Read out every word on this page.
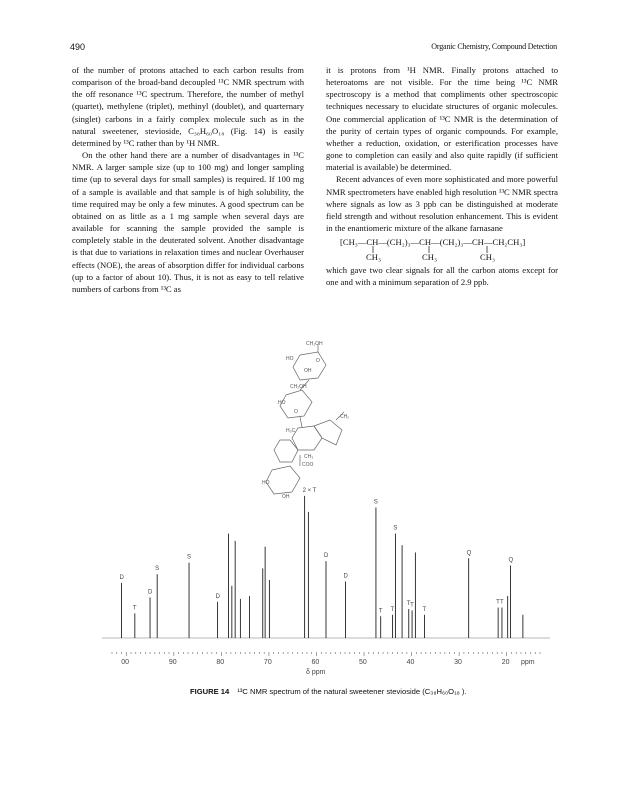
490	Organic Chemistry, Compound Detection

of the number of protons attached to each carbon results from comparison of the broad-band decoupled ¹³C NMR spectrum with the off resonance ¹³C spectrum. Therefore, the number of methyl (quartet), methylene (triplet), methinyl (doublet), and quarternary (singlet) carbons in a fairly complex molecule such as in the natural sweetener, stevioside, C₃₈H₆₀O₁₈ (Fig. 14) is easily determined by ¹³C rather than by ¹H NMR.

On the other hand there are a number of disadvantages in ¹³C NMR. A larger sample size (up to 100 mg) and longer sampling time (up to several days for small samples) is required. If 100 mg of a sample is available and that sample is of high solubility, the time required may be only a few minutes. A good spectrum can be obtained on as little as a 1 mg sample when several days are available for scanning the sample provided the sample is completely stable in the deuterated solvent. Another disadvantage is that due to variations in relaxation times and nuclear Overhauser effects (NOE), the areas of absorption differ for individual carbons (up to a factor of about 10). Thus, it is not as easy to tell relative numbers of carbons from ¹³C as

it is protons from ¹H NMR. Finally protons attached to heteroatoms are not visible. For the time being ¹³C NMR spectroscopy is a method that compliments other spectroscopic techniques necessary to elucidate structures of organic molecules. One commercial application of ¹³C NMR is the determination of the purity of certain types of organic compounds. For example, whether a reduction, oxidation, or esterification processes have gone to completion can easily and also quite rapidly (if sufficient material is available) be determined.

Recent advances of even more sophisticated and more powerful NMR spectrometers have enabled high resolution ¹³C NMR spectra where signals as low as 3 ppb can be distinguished at moderate field strength and without resolution enhancement. This is evident in the enantiomeric mixture of the alkane farnasane

[CH₃—CH—(CH₂)₃—CH—(CH₂)₃—CH—CH₂CH₃]
CH₃	CH₃	CH₃

which gave two clear signals for all the carbon atoms except for one and with a minimum separation of 2.9 ppb.

CH₂OH
HO
OH
O
CH₂OH
CH₂
HO
O
CH₃
H₃C
COO
HO
OH
00	90	80	70	60	50	40	30	20 ppm
D
T
D
S
S
D
2 × T
D
D
S
T T
S
T T
T
Q
T T
Q
δ ppm
FIGURE 14 ¹³C NMR spectrum of the natural sweetener stevioside (C₃₈H₆₀O₁₈ ).
